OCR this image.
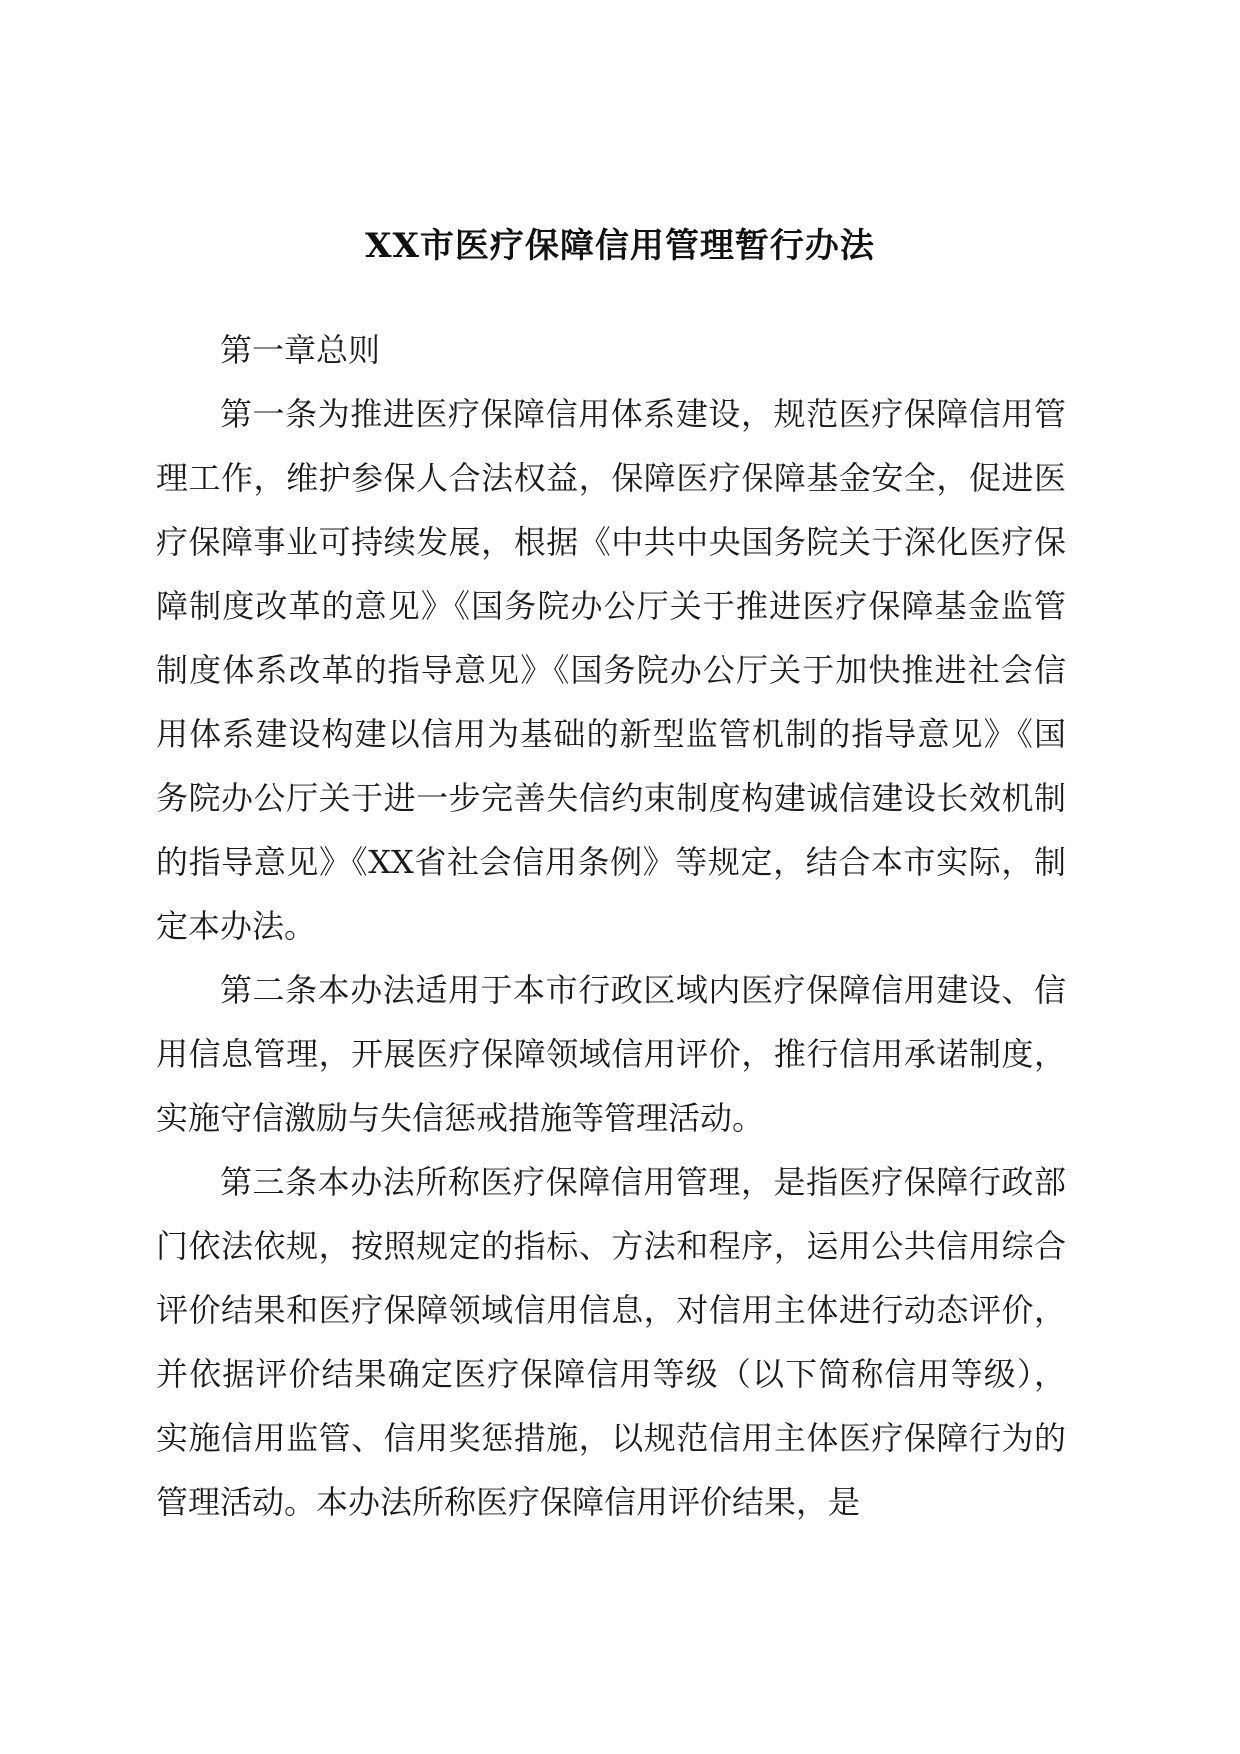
XX市医疗保障信用管理暂行办法

第一章总则

第一条为推进医疗保障信用体系建设，规范医疗保障信用管理工作，维护参保人合法权益，保障医疗保障基金安全，促进医疗保障事业可持续发展，根据《中共中央国务院关于深化医疗保障制度改革的意见》《国务院办公厅关于推进医疗保障基金监管制度体系改革的指导意见》《国务院办公厅关于加快推进社会信用体系建设构建以信用为基础的新型监管机制的指导意见》《国务院办公厅关于进一步完善失信约束制度构建诚信建设长效机制的指导意见》《XX省社会信用条例》等规定，结合本市实际，制定本办法。

第二条本办法适用于本市行政区域内医疗保障信用建设、信用信息管理，开展医疗保障领域信用评价，推行信用承诺制度，实施守信激励与失信惩戒措施等管理活动。

第三条本办法所称医疗保障信用管理，是指医疗保障行政部门依法依规，按照规定的指标、方法和程序，运用公共信用综合评价结果和医疗保障领域信用信息，对信用主体进行动态评价，并依据评价结果确定医疗保障信用等级（以下简称信用等级），实施信用监管、信用奖惩措施，以规范信用主体医疗保障行为的管理活动。本办法所称医疗保障信用评价结果，是
